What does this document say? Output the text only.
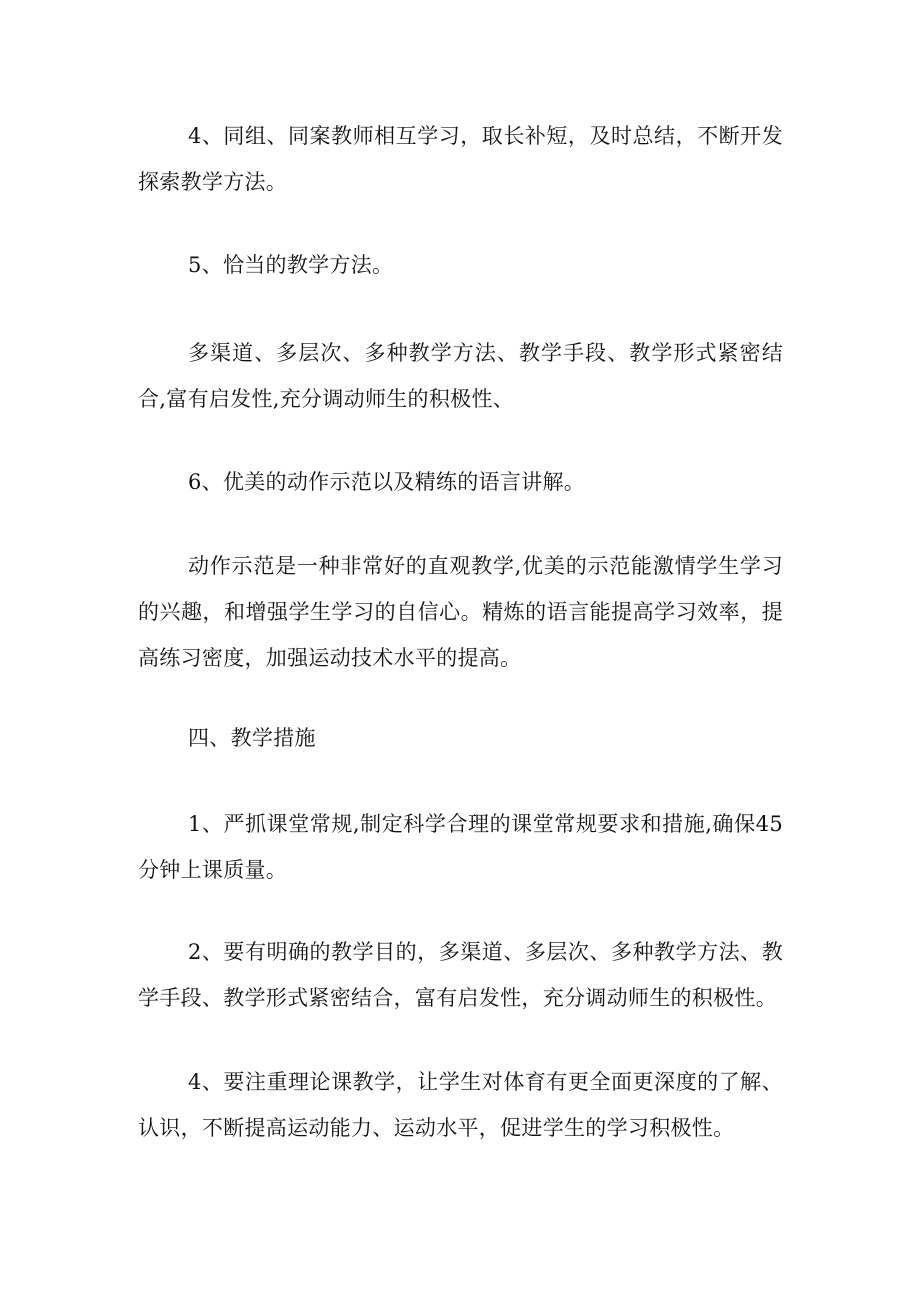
4、同组、同案教师相互学习，取长补短，及时总结，不断开发探索教学方法。

5、恰当的教学方法。

多渠道、多层次、多种教学方法、教学手段、教学形式紧密结合,富有启发性,充分调动师生的积极性、

6、优美的动作示范以及精练的语言讲解。

动作示范是一种非常好的直观教学,优美的示范能激情学生学习的兴趣，和增强学生学习的自信心。精炼的语言能提高学习效率，提高练习密度，加强运动技术水平的提高。

四、教学措施

1、严抓课堂常规,制定科学合理的课堂常规要求和措施,确保45分钟上课质量。

2、要有明确的教学目的，多渠道、多层次、多种教学方法、教学手段、教学形式紧密结合，富有启发性，充分调动师生的积极性。

4、要注重理论课教学，让学生对体育有更全面更深度的了解、认识，不断提高运动能力、运动水平，促进学生的学习积极性。
